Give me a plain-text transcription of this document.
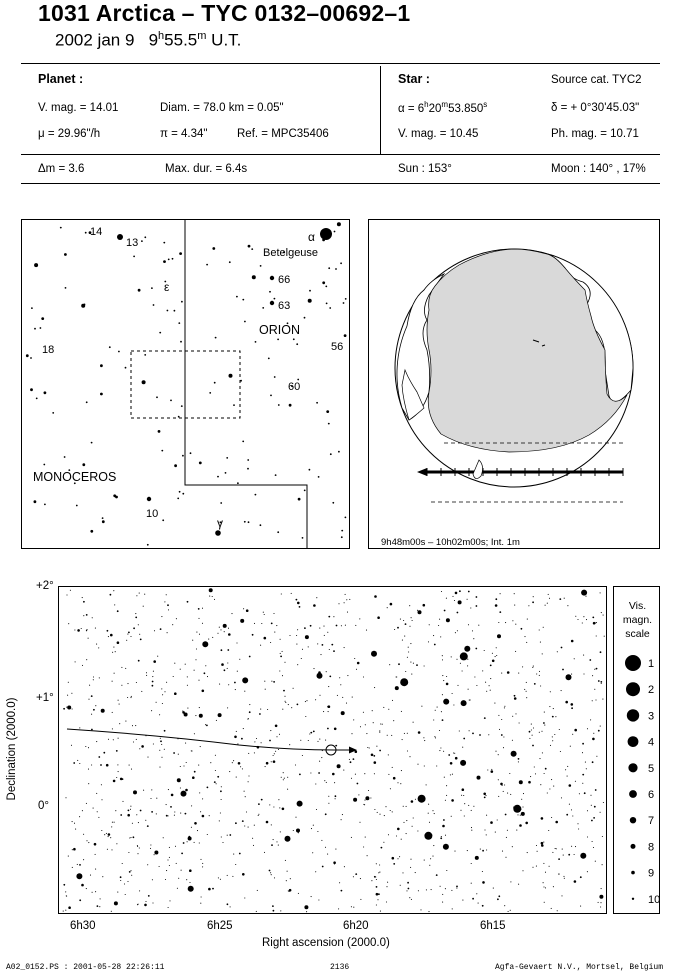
1031 Arctica – TYC 0132–00692–1
2002 jan 9 9$^h$55.5$^m$ U.T.
Planet :
V. mag. = 14.01	Diam. = 78.0 km = 0.05"
μ = 29.96"/h	π = 4.34"	Ref. = MPC35406
Star :	Source cat. TYC2
$\alpha = 6^h20^m53.850^s$	δ = + 0°30'45.03"
V. mag. = 10.45	Ph. mag. = 10.71
Δm = 3.6	Max. dur. = 6.4s	Sun : 153°	Moon : 140° , 17%
14
13	α
Betelgeuse
ε	66
63
ORION
18	56
60
MONOCEROS
10
γ
9h48m00s – 10h02m00s; Int. 1m
+2°
+1°
0°
6h30	6h25	6h20	6h15
Right ascension (2000.0)
Declination (2000.0)
Vis.
magn.
scale
1
2
3
4
5
6
7
8
9
10
A02_0152.PS : 2001-05-28 22:26:11	2136	Agfa-Gevaert N.V., Mortsel, Belgium
